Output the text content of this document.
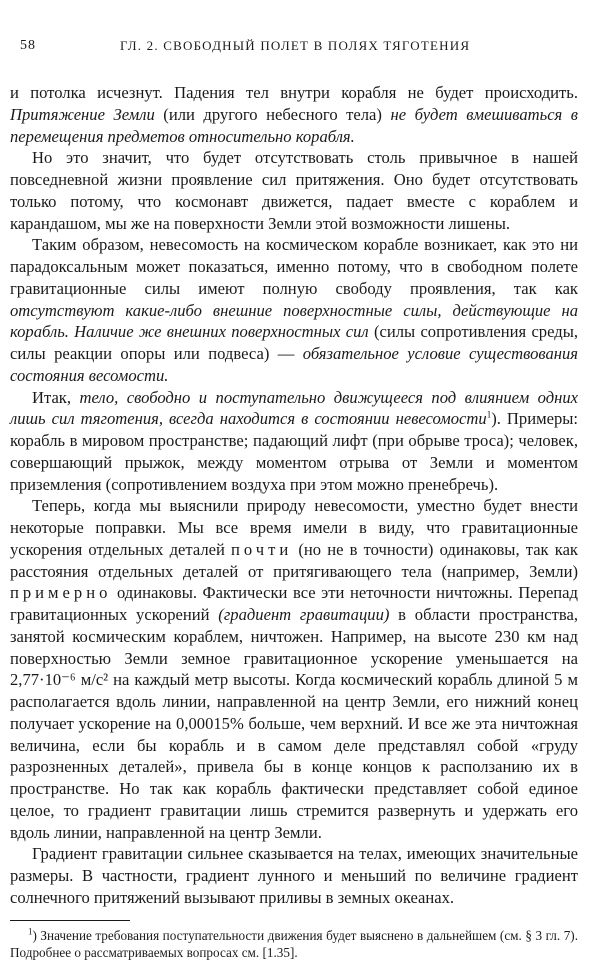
58	ГЛ. 2. СВОБОДНЫЙ ПОЛЕТ В ПОЛЯХ ТЯГОТЕНИЯ

и потолка исчезнут. Падения тел внутри корабля не будет происходить. Притяжение Земли (или другого небесного тела) не будет вмешиваться в перемещения предметов относительно корабля.

Но это значит, что будет отсутствовать столь привычное в нашей повседневной жизни проявление сил притяжения. Оно будет отсутствовать только потому, что космонавт движется, падает вместе с кораблем и карандашом, мы же на поверхности Земли этой возможности лишены.

Таким образом, невесомость на космическом корабле возникает, как это ни парадоксальным может показаться, именно потому, что в свободном полете гравитационные силы имеют полную свободу проявления, так как отсутствуют какие-либо внешние поверхностные силы, действующие на корабль. Наличие же внешних поверхностных сил (силы сопротивления среды, силы реакции опоры или подвеса) — обязательное условие существования состояния весомости.

Итак, тело, свободно и поступательно движущееся под влиянием одних лишь сил тяготения, всегда находится в состоянии невесомости$^1$). Примеры: корабль в мировом пространстве; падающий лифт (при обрыве троса); человек, совершающий прыжок, между моментом отрыва от Земли и моментом приземления (сопротивлением воздуха при этом можно пренебречь).

Теперь, когда мы выяснили природу невесомости, уместно будет внести некоторые поправки. Мы все время имели в виду, что гравитационные ускорения отдельных деталей почти (но не в точности) одинаковы, так как расстояния отдельных деталей от притягивающего тела (например, Земли) примерно одинаковы. Фактически все эти неточности ничтожны. Перепад гравитационных ускорений (градиент гравитации) в области пространства, занятой космическим кораблем, ничтожен. Например, на высоте 230 км над поверхностью Земли земное гравитационное ускорение уменьшается на 2,77·10⁻⁶ м/с² на каждый метр высоты. Когда космический корабль длиной 5 м располагается вдоль линии, направленной на центр Земли, его нижний конец получает ускорение на 0,00015% больше, чем верхний. И все же эта ничтожная величина, если бы корабль и в самом деле представлял собой «груду разрозненных деталей», привела бы в конце концов к расползанию их в пространстве. Но так как корабль фактически представляет собой единое целое, то градиент гравитации лишь стремится развернуть и удержать его вдоль линии, направленной на центр Земли.

Градиент гравитации сильнее сказывается на телах, имеющих значительные размеры. В частности, градиент лунного и меньший по величине градиент солнечного притяжений вызывают приливы в земных океанах.

$^1$) Значение требования поступательности движения будет выяснено в дальнейшем (см. § 3 гл. 7). Подробнее о рассматриваемых вопросах см. [1.35].
